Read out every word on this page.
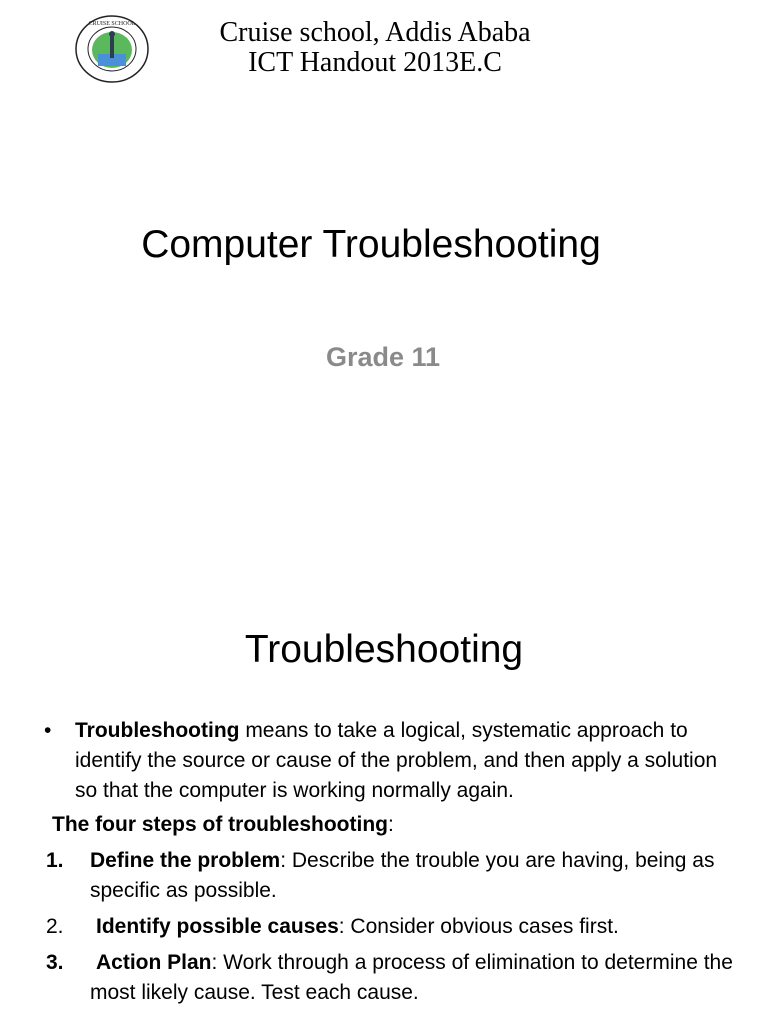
CRUISE SCHOOL	Cruise school, Addis Ababa
ICT Handout 2013E.C
Computer Troubleshooting
Grade 11
Troubleshooting
• Troubleshooting means to take a logical, systematic approach to identify the source or cause of the problem, and then apply a solution so that the computer is working normally again.
The four steps of troubleshooting:
1. Define the problem: Describe the trouble you are having, being as specific as possible.
2. Identify possible causes: Consider obvious cases first.
3. Action Plan: Work through a process of elimination to determine the most likely cause. Test each cause.
